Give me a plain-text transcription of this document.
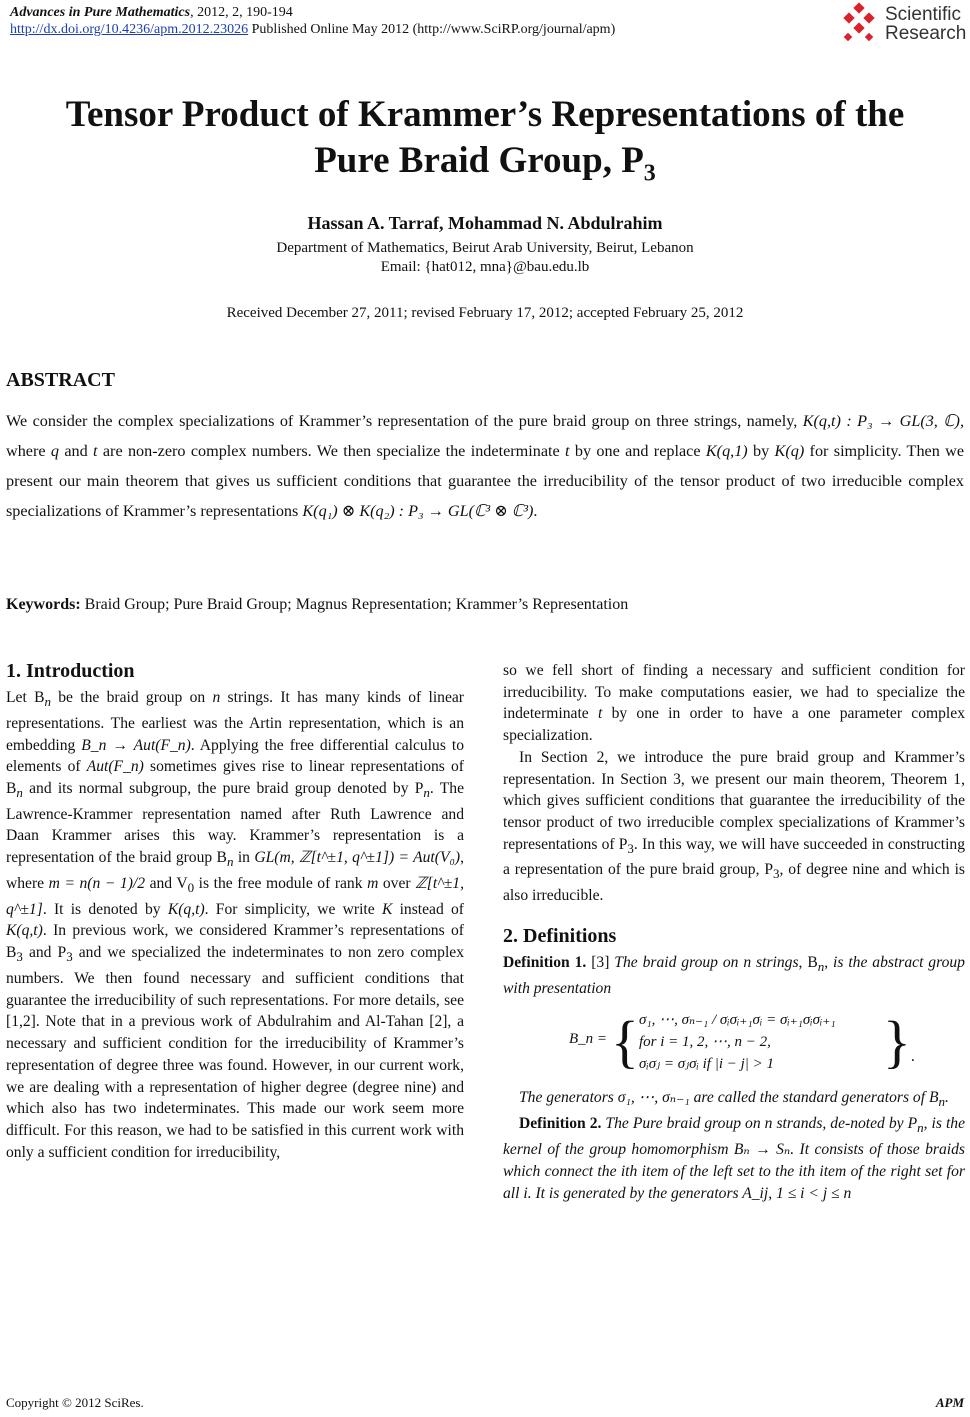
Advances in Pure Mathematics, 2012, 2, 190-194
http://dx.doi.org/10.4236/apm.2012.23026 Published Online May 2012 (http://www.SciRP.org/journal/apm)
Scientific
Research
Tensor Product of Krammer’s Representations of the
Pure Braid Group, $P_3$
Hassan A. Tarraf, Mohammad N. Abdulrahim
Department of Mathematics, Beirut Arab University, Beirut, Lebanon
Email: {hat012, mna}@bau.edu.lb
Received December 27, 2011; revised February 17, 2012; accepted February 25, 2012
ABSTRACT
We consider the complex specializations of Krammer’s representation of the pure braid group on three strings, namely, K(q,t) : P₃ → GL(3, ℂ), where q and t are non-zero complex numbers. We then specialize the indeterminate t by one and replace K(q,1) by K(q) for simplicity. Then we present our main theorem that gives us sufficient conditions that guarantee the irreducibility of the tensor product of two irreducible complex specializations of Krammer’s representations K(q₁) ⊗ K(q₂) : P₃ → GL(ℂ³ ⊗ ℂ³).
Keywords: Braid Group; Pure Braid Group; Magnus Representation; Krammer’s Representation
1. Introduction

Let $B_n$ be the braid group on n strings. It has many kinds of linear representations. The earliest was the Artin representation, which is an embedding B_n → Aut(F_n). Applying the free differential calculus to elements of Aut(F_n) sometimes gives rise to linear representations of $B_n$ and its normal subgroup, the pure braid group denoted by $P_n$. The Lawrence-Krammer representation named after Ruth Lawrence and Daan Krammer arises this way. Krammer’s representation is a representation of the braid group $B_n$ in GL(m, ℤ[t^±1, q^±1]) = Aut(V₀), where m = n(n − 1)/2 and $V_0$ is the free module of rank m over ℤ[t^±1, q^±1]. It is denoted by K(q,t). For simplicity, we write K instead of K(q,t). In previous work, we considered Krammer’s representations of $B_3$ and $P_3$ and we specialized the indeterminates to non zero complex numbers. We then found necessary and sufficient conditions that guarantee the irreducibility of such representations. For more details, see [1,2]. Note that in a previous work of Abdulrahim and Al-Tahan [2], a necessary and sufficient condition for the irreducibility of Krammer’s representation of degree three was found. However, in our current work, we are dealing with a representation of higher degree (degree nine) and which also has two indeterminates. This made our work seem more difficult. For this reason, we had to be satisfied in this current work with only a sufficient condition for irreducibility,

so we fell short of finding a necessary and sufficient condition for irreducibility. To make computations easier, we had to specialize the indeterminate t by one in order to have a one parameter complex specialization.

In Section 2, we introduce the pure braid group and Krammer’s representation. In Section 3, we present our main theorem, Theorem 1, which gives sufficient conditions that guarantee the irreducibility of the tensor product of two irreducible complex specializations of Krammer’s representations of $P_3$. In this way, we will have succeeded in constructing a representation of the pure braid group, $P_3$, of degree nine and which is also irreducible.

2. Definitions

Definition 1. [3] The braid group on n strings, $B_n$, is the abstract group with presentation

B_n = { σ₁, ⋯, σₙ₋₁ / σᵢσᵢ₊₁σᵢ = σᵢ₊₁σᵢσᵢ₊₁
for i = 1, 2, ⋯, n − 2,
σᵢσⱼ = σⱼσᵢ if |i − j| > 1	}.

The generators σ₁, ⋯, σₙ₋₁ are called the standard generators of $B_n$.

Definition 2. The Pure braid group on n strands, de-noted by $P_n$, is the kernel of the group homomorphism Bₙ → Sₙ. It consists of those braids which connect the ith item of the left set to the ith item of the right set for all i. It is generated by the generators A_ij, 1 ≤ i < j ≤ n

Copyright © 2012 SciRes.	APM
